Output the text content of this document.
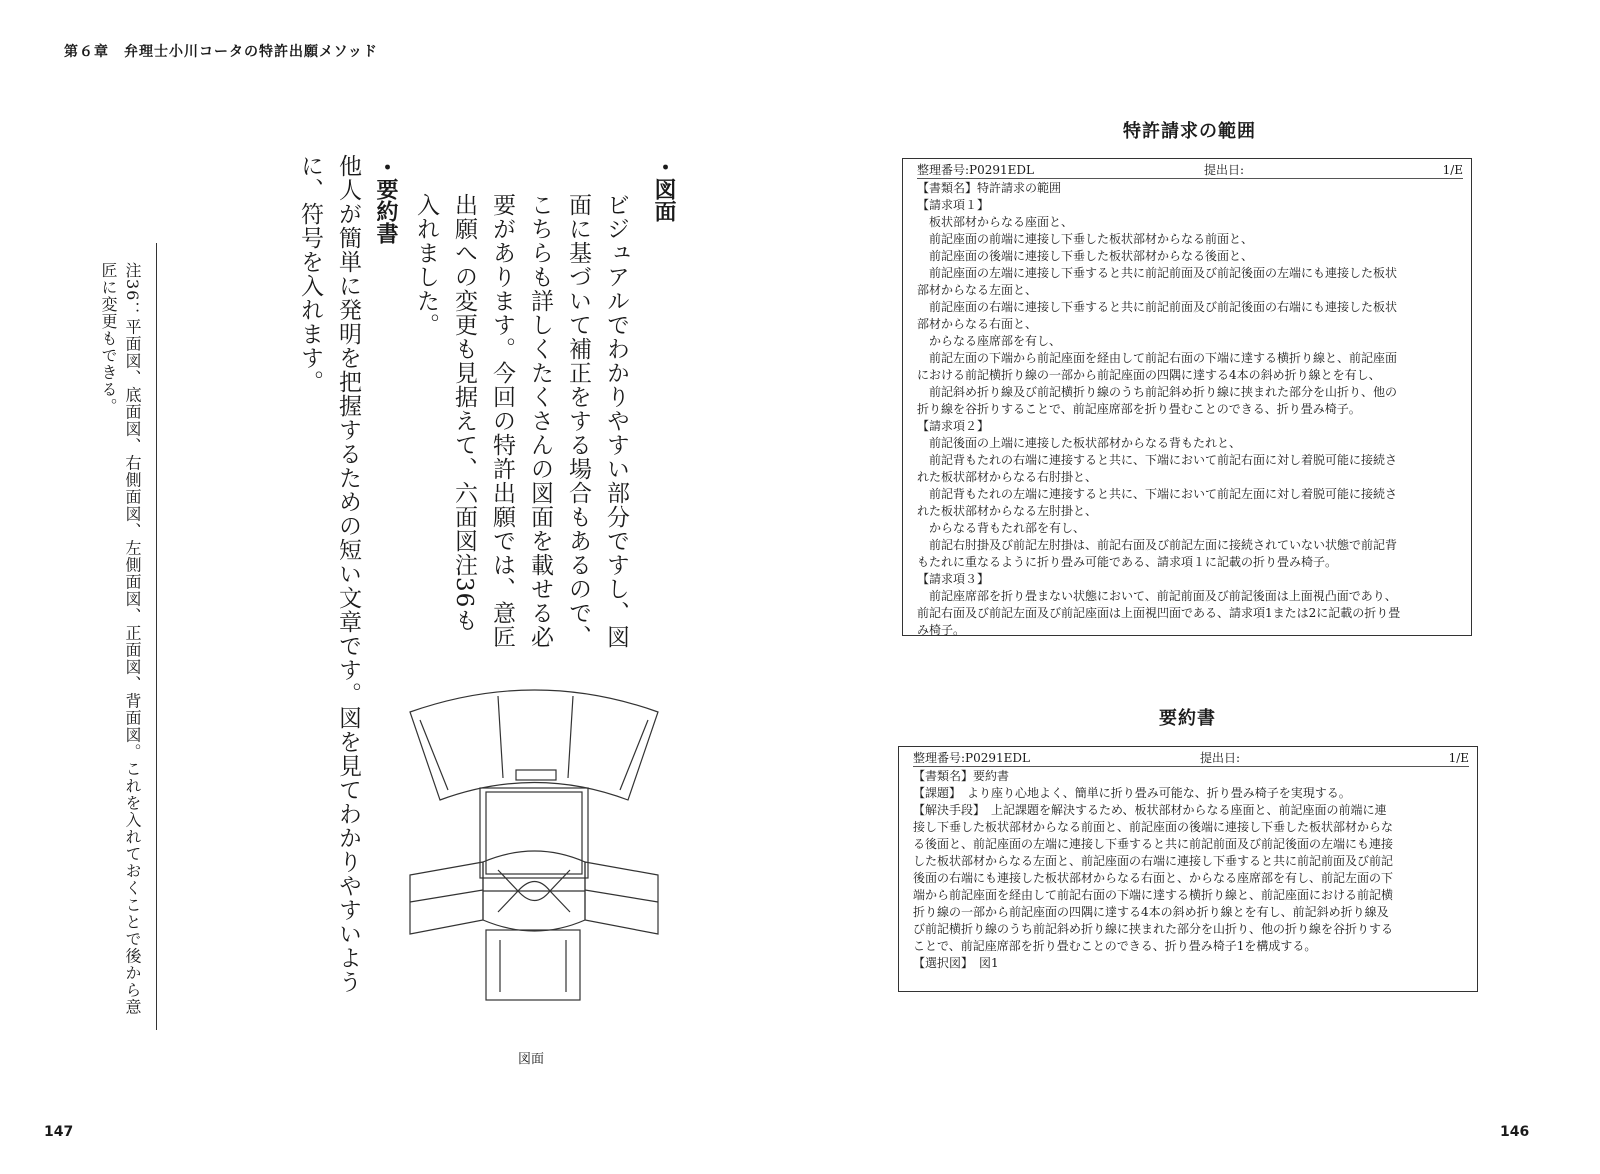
第６章　弁理士小川コータの特許出願メソッド
147	146
・図面
ビジュアルでわかりやすい部分ですし、図面に基づいて補正をする場合もあるので、こちらも詳しくたくさんの図面を載せる必要があります。今回の特許出願では、意匠出願への変更も見据えて、六面図注36も入れました。
・要約書
他人が簡単に発明を把握するための短い文章です。図を見てわかりやすいように、符号を入れます。
注36：平面図、底面図、右側面図、左側面図、正面図、背面図。これを入れておくことで後から意匠に変更もできる。
図面
特許請求の範囲
整理番号:P0291EDL	提出日:	1/E
【書類名】特許請求の範囲
【請求項１】
　板状部材からなる座面と、
　前記座面の前端に連接し下垂した板状部材からなる前面と、
　前記座面の後端に連接し下垂した板状部材からなる後面と、
　前記座面の左端に連接し下垂すると共に前記前面及び前記後面の左端にも連接した板状
部材からなる左面と、
　前記座面の右端に連接し下垂すると共に前記前面及び前記後面の右端にも連接した板状
部材からなる右面と、
　からなる座席部を有し、
　前記左面の下端から前記座面を経由して前記右面の下端に達する横折り線と、前記座面
における前記横折り線の一部から前記座面の四隅に達する4本の斜め折り線とを有し、
　前記斜め折り線及び前記横折り線のうち前記斜め折り線に挟まれた部分を山折り、他の
折り線を谷折りすることで、前記座席部を折り畳むことのできる、折り畳み椅子。
【請求項２】
　前記後面の上端に連接した板状部材からなる背もたれと、
　前記背もたれの右端に連接すると共に、下端において前記右面に対し着脱可能に接続さ
れた板状部材からなる右肘掛と、
　前記背もたれの左端に連接すると共に、下端において前記左面に対し着脱可能に接続さ
れた板状部材からなる左肘掛と、
　からなる背もたれ部を有し、
　前記右肘掛及び前記左肘掛は、前記右面及び前記左面に接続されていない状態で前記背
もたれに重なるように折り畳み可能である、請求項１に記載の折り畳み椅子。
【請求項３】
　前記座席部を折り畳まない状態において、前記前面及び前記後面は上面視凸面であり、
前記右面及び前記左面及び前記座面は上面視凹面である、請求項1または2に記載の折り畳
み椅子。
要約書
整理番号:P0291EDL	提出日:	1/E
【書類名】要約書
【課題】　より座り心地よく、簡単に折り畳み可能な、折り畳み椅子を実現する。
【解決手段】　上記課題を解決するため、板状部材からなる座面と、前記座面の前端に連
接し下垂した板状部材からなる前面と、前記座面の後端に連接し下垂した板状部材からな
る後面と、前記座面の左端に連接し下垂すると共に前記前面及び前記後面の左端にも連接
した板状部材からなる左面と、前記座面の右端に連接し下垂すると共に前記前面及び前記
後面の右端にも連接した板状部材からなる右面と、からなる座席部を有し、前記左面の下
端から前記座面を経由して前記右面の下端に達する横折り線と、前記座面における前記横
折り線の一部から前記座面の四隅に達する4本の斜め折り線とを有し、前記斜め折り線及
び前記横折り線のうち前記斜め折り線に挟まれた部分を山折り、他の折り線を谷折りする
ことで、前記座席部を折り畳むことのできる、折り畳み椅子1を構成する。
【選択図】　図1
